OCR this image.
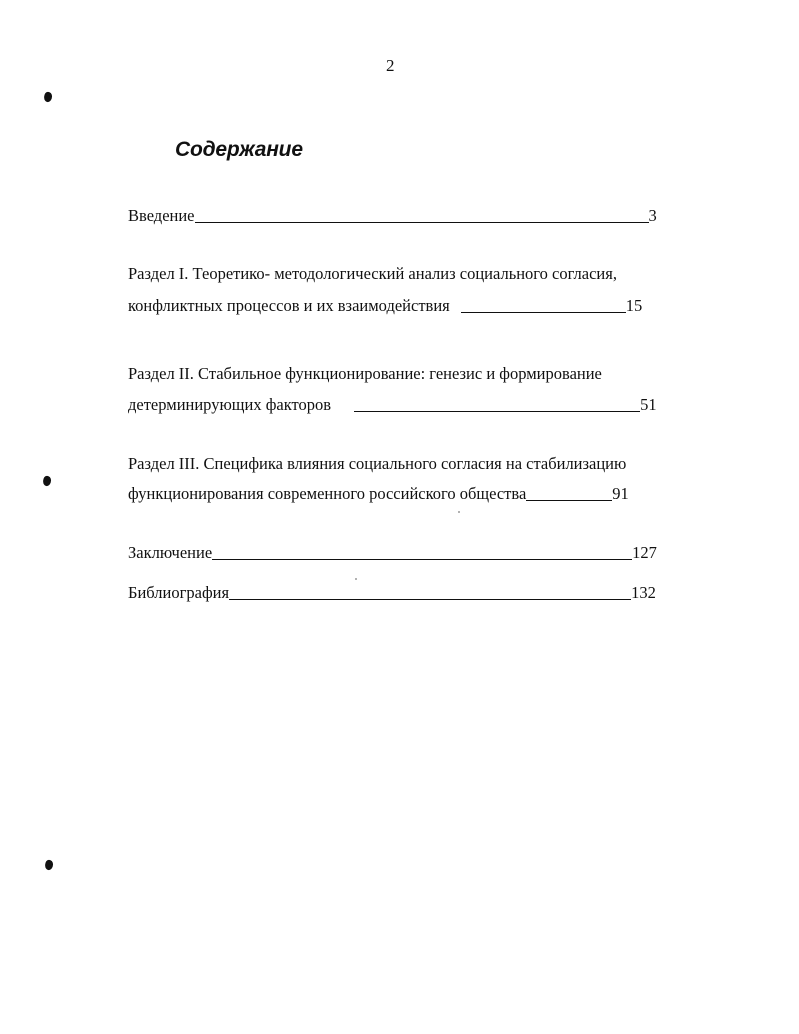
2
Содержание
Введение	3
Раздел I. Теоретико- методологический анализ социального согласия,
конфликтных процессов и их взаимодействия	15
Раздел II. Стабильное функционирование: генезис и формирование
детерминирующих факторов	51
Раздел III. Специфика влияния социального согласия на стабилизацию
функционирования современного российского общества	91
Заключение	127
Библиография	132
